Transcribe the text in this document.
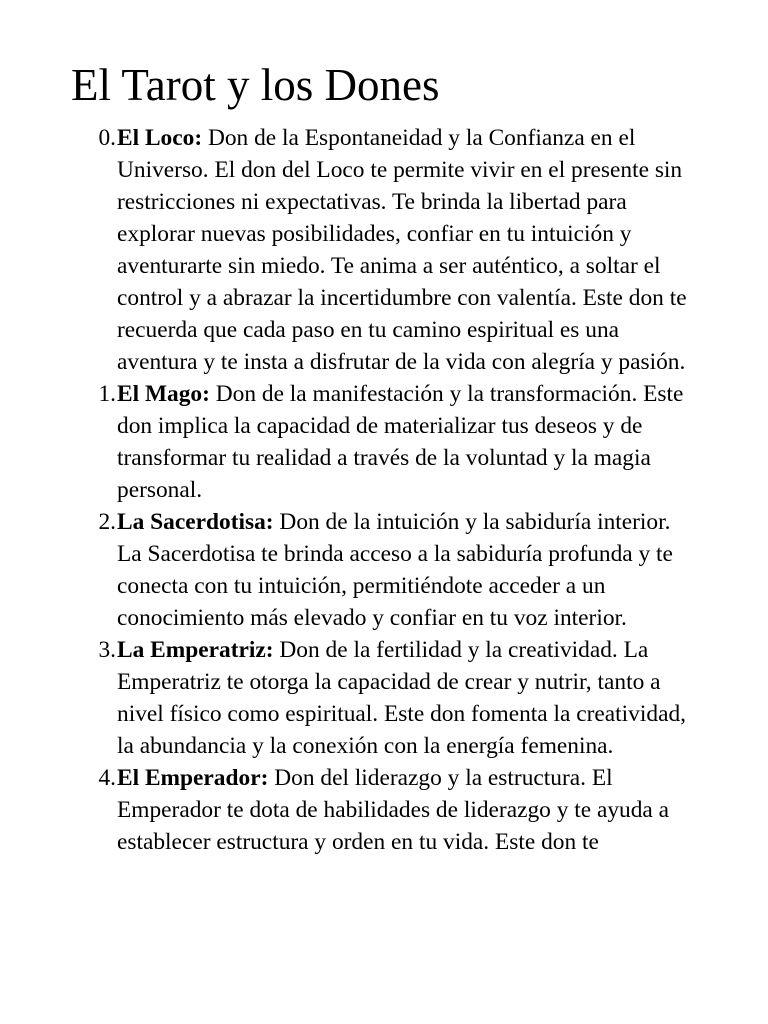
El Tarot y los Dones
0. El Loco: Don de la Espontaneidad y la Confianza en el Universo. El don del Loco te permite vivir en el presente sin restricciones ni expectativas. Te brinda la libertad para explorar nuevas posibilidades, confiar en tu intuición y aventurarte sin miedo. Te anima a ser auténtico, a soltar el control y a abrazar la incertidumbre con valentía. Este don te recuerda que cada paso en tu camino espiritual es una aventura y te insta a disfrutar de la vida con alegría y pasión.
1. El Mago: Don de la manifestación y la transformación. Este don implica la capacidad de materializar tus deseos y de transformar tu realidad a través de la voluntad y la magia personal.
2. La Sacerdotisa: Don de la intuición y la sabiduría interior. La Sacerdotisa te brinda acceso a la sabiduría profunda y te conecta con tu intuición, permitiéndote acceder a un conocimiento más elevado y confiar en tu voz interior.
3. La Emperatriz: Don de la fertilidad y la creatividad. La Emperatriz te otorga la capacidad de crear y nutrir, tanto a nivel físico como espiritual. Este don fomenta la creatividad, la abundancia y la conexión con la energía femenina.
4. El Emperador: Don del liderazgo y la estructura. El Emperador te dota de habilidades de liderazgo y te ayuda a establecer estructura y orden en tu vida. Este don te
